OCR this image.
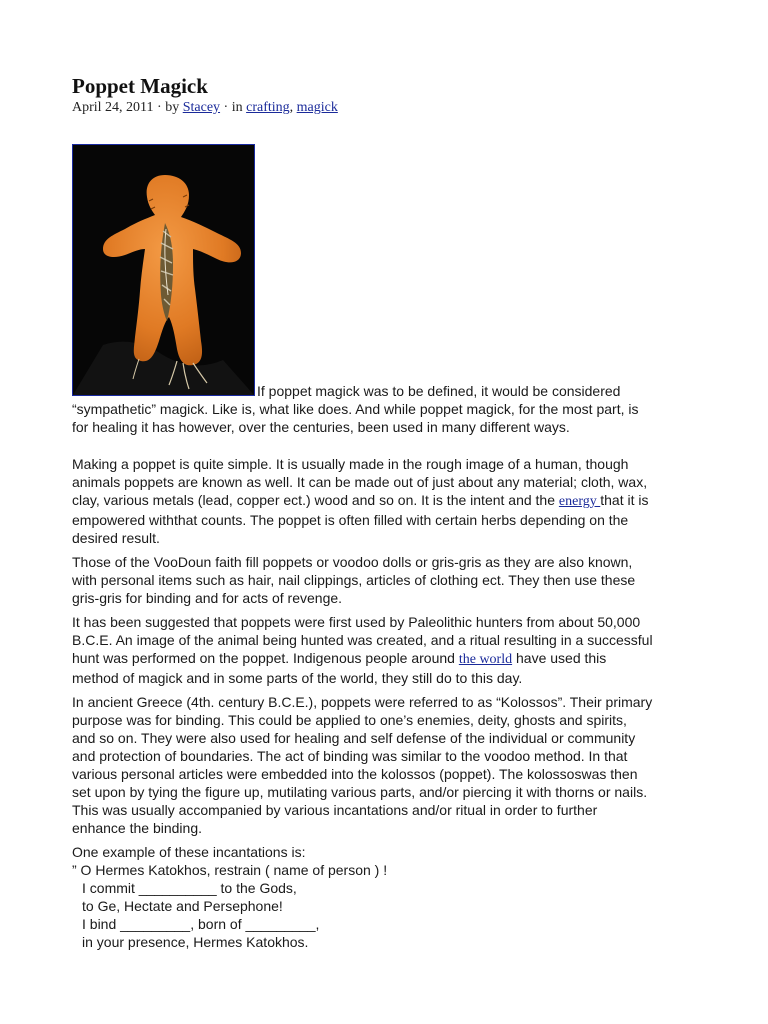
Poppet Magick
April 24, 2011 · by Stacey · in crafting, magick

If poppet magick was to be defined, it would be considered
“sympathetic” magick. Like is, what like does. And while poppet magick, for the most part, is
for healing it has however, over the centuries, been used in many different ways.

Making a poppet is quite simple. It is usually made in the rough image of a human, though
animals poppets are known as well. It can be made out of just about any material; cloth, wax,
clay, various metals (lead, copper ect.) wood and so on. It is the intent and the energy that it is
empowered withthat counts. The poppet is often filled with certain herbs depending on the
desired result.

Those of the VooDoun faith fill poppets or voodoo dolls or gris-gris as they are also known,
with personal items such as hair, nail clippings, articles of clothing ect. They then use these
gris-gris for binding and for acts of revenge.

It has been suggested that poppets were first used by Paleolithic hunters from about 50,000
B.C.E. An image of the animal being hunted was created, and a ritual resulting in a successful
hunt was performed on the poppet. Indigenous people around the world have used this
method of magick and in some parts of the world, they still do to this day.

In ancient Greece (4th. century B.C.E.), poppets were referred to as “Kolossos”. Their primary
purpose was for binding. This could be applied to one’s enemies, deity, ghosts and spirits,
and so on. They were also used for healing and self defense of the individual or community
and protection of boundaries. The act of binding was similar to the voodoo method. In that
various personal articles were embedded into the kolossos (poppet). The kolossoswas then
set upon by tying the figure up, mutilating various parts, and/or piercing it with thorns or nails.
This was usually accompanied by various incantations and/or ritual in order to further
enhance the binding.

One example of these incantations is:
” O Hermes Katokhos, restrain ( name of person ) !
I commit __________ to the Gods,
to Ge, Hectate and Persephone!
I bind _________, born of _________,
in your presence, Hermes Katokhos.
